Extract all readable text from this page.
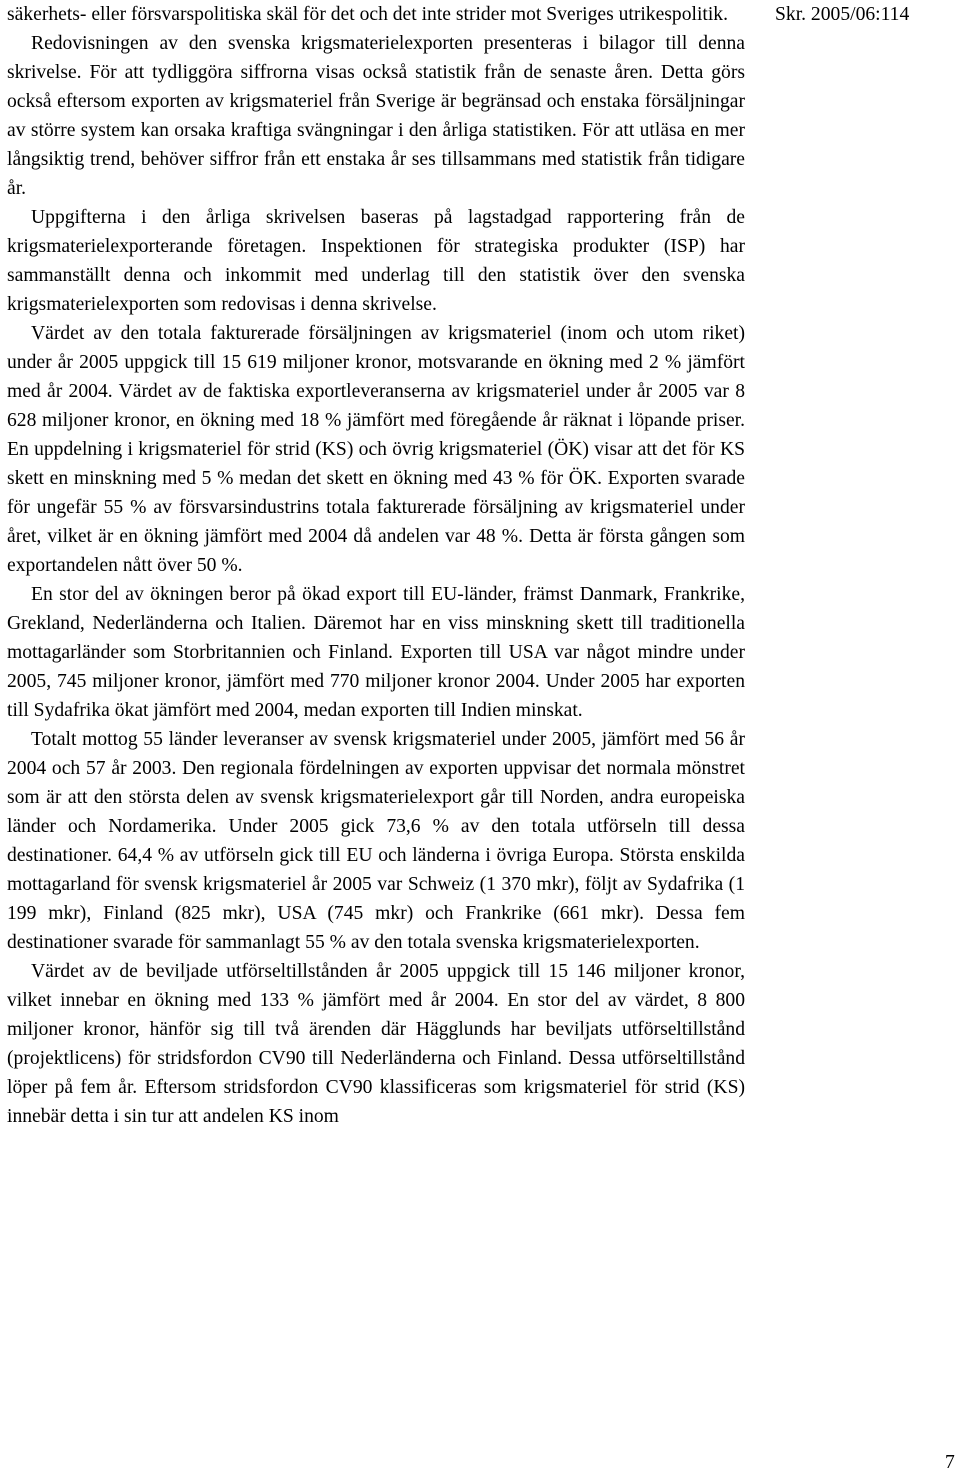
säkerhets- eller försvarspolitiska skäl för det och det inte strider mot Sveriges utrikespolitik.

Redovisningen av den svenska krigsmaterielexporten presenteras i bilagor till denna skrivelse. För att tydliggöra siffrorna visas också statistik från de senaste åren. Detta görs också eftersom exporten av krigsmateriel från Sverige är begränsad och enstaka försäljningar av större system kan orsaka kraftiga svängningar i den årliga statistiken. För att utläsa en mer långsiktig trend, behöver siffror från ett enstaka år ses tillsammans med statistik från tidigare år.

Uppgifterna i den årliga skrivelsen baseras på lagstadgad rapportering från de krigsmaterielexporterande företagen. Inspektionen för strategiska produkter (ISP) har sammanställt denna och inkommit med underlag till den statistik över den svenska krigsmaterielexporten som redovisas i denna skrivelse.

Värdet av den totala fakturerade försäljningen av krigsmateriel (inom och utom riket) under år 2005 uppgick till 15 619 miljoner kronor, motsvarande en ökning med 2 % jämfört med år 2004. Värdet av de faktiska exportleveranserna av krigsmateriel under år 2005 var 8 628 miljoner kronor, en ökning med 18 % jämfört med föregående år räknat i löpande priser. En uppdelning i krigsmateriel för strid (KS) och övrig krigsmateriel (ÖK) visar att det för KS skett en minskning med 5 % medan det skett en ökning med 43 % för ÖK. Exporten svarade för ungefär 55 % av försvarsindustrins totala fakturerade försäljning av krigsmateriel under året, vilket är en ökning jämfört med 2004 då andelen var 48 %. Detta är första gången som exportandelen nått över 50 %.

En stor del av ökningen beror på ökad export till EU-länder, främst Danmark, Frankrike, Grekland, Nederländerna och Italien. Däremot har en viss minskning skett till traditionella mottagarländer som Storbritannien och Finland. Exporten till USA var något mindre under 2005, 745 miljoner kronor, jämfört med 770 miljoner kronor 2004. Under 2005 har exporten till Sydafrika ökat jämfört med 2004, medan exporten till Indien minskat.

Totalt mottog 55 länder leveranser av svensk krigsmateriel under 2005, jämfört med 56 år 2004 och 57 år 2003. Den regionala fördelningen av exporten uppvisar det normala mönstret som är att den största delen av svensk krigsmaterielexport går till Norden, andra europeiska länder och Nordamerika. Under 2005 gick 73,6 % av den totala utförseln till dessa destinationer. 64,4 % av utförseln gick till EU och länderna i övriga Europa. Största enskilda mottagarland för svensk krigsmateriel år 2005 var Schweiz (1 370 mkr), följt av Sydafrika (1 199 mkr), Finland (825 mkr), USA (745 mkr) och Frankrike (661 mkr). Dessa fem destinationer svarade för sammanlagt 55 % av den totala svenska krigsmaterielexporten.

Värdet av de beviljade utförseltillstånden år 2005 uppgick till 15 146 miljoner kronor, vilket innebar en ökning med 133 % jämfört med år 2004. En stor del av värdet, 8 800 miljoner kronor, hänför sig till två ärenden där Hägglunds har beviljats utförseltillstånd (projektlicens) för stridsfordon CV90 till Nederländerna och Finland. Dessa utförseltillstånd löper på fem år. Eftersom stridsfordon CV90 klassificeras som krigsmateriel för strid (KS) innebär detta i sin tur att andelen KS inom

Skr. 2005/06:114
7
